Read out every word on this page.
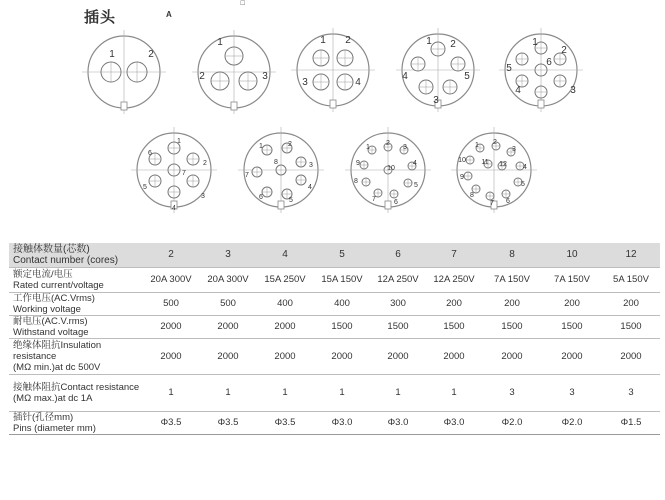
插头	A
☐
1	2
1
2	3
1 2
3	4
1 2
3
4	5
1
2
3
4
5
6
1
2
3
4
5
6
7
1	2
3
4
5
6
7
8
1
2
3
4
5
6
7
8
9
10
1 2
3
4
5
6
7
8
9
10 11 12
接触体数量(芯数)
Contact number (cores)	2	3	4	5	6	7	8	10	12

额定电流/电压
Rated current/voltage	20A 300V	20A 300V	15A 250V	15A 150V	12A 250V	12A 250V	7A 150V	7A 150V	5A 150V

工作电压(AC.Vrms)
Working voltage	500	500	400	400	300	200	200	200	200

耐电压(AC.V.rms)
Withstand voltage	2000	2000	2000	1500	1500	1500	1500	1500	1500

绝缘体阻抗Insulation resistance
(MΩ min.)at dc 500V	2000	2000	2000	2000	2000	2000	2000	2000	2000

接触体阻抗Contact resistance
(MΩ max.)at dc 1A	1	1	1	1	1	1	3	3	3

插针(孔径mm)
Pins (diameter mm)	Φ3.5	Φ3.5	Φ3.5	Φ3.0	Φ3.0	Φ3.0	Φ2.0	Φ2.0	Φ1.5
